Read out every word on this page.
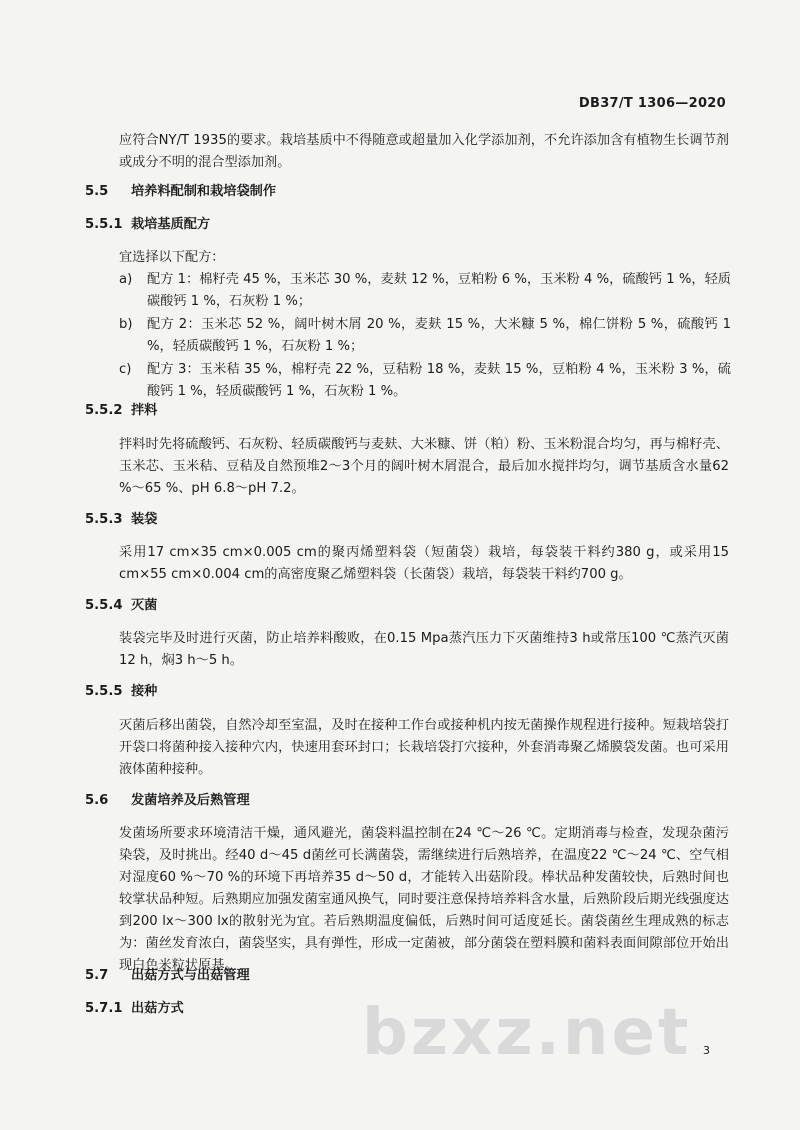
DB37/T 1306—2020

应符合NY/T 1935的要求。栽培基质中不得随意或超量加入化学添加剂，不允许添加含有植物生长调节剂或成分不明的混合型添加剂。

5.5 培养料配制和栽培袋制作
5.5.1 栽培基质配方

宜选择以下配方：

a)	配方 1：棉籽壳 45 %，玉米芯 30 %，麦麸 12 %，豆粕粉 6 %，玉米粉 4 %，硫酸钙 1 %，轻质碳酸钙 1 %，石灰粉 1 %；
b)	配方 2：玉米芯 52 %，阔叶树木屑 20 %，麦麸 15 %，大米糠 5 %，棉仁饼粉 5 %，硫酸钙 1 %，轻质碳酸钙 1 %，石灰粉 1 %；
c)	配方 3：玉米秸 35 %，棉籽壳 22 %，豆秸粉 18 %，麦麸 15 %，豆粕粉 4 %，玉米粉 3 %，硫酸钙 1 %，轻质碳酸钙 1 %，石灰粉 1 %。
5.5.2 拌料

拌料时先将硫酸钙、石灰粉、轻质碳酸钙与麦麸、大米糠、饼（粕）粉、玉米粉混合均匀，再与棉籽壳、玉米芯、玉米秸、豆秸及自然预堆2～3个月的阔叶树木屑混合，最后加水搅拌均匀，调节基质含水量62 %～65 %、pH 6.8～pH 7.2。

5.5.3 装袋

采用17 cm×35 cm×0.005 cm的聚丙烯塑料袋（短菌袋）栽培，每袋装干料约380 g，或采用15 cm×55 cm×0.004 cm的高密度聚乙烯塑料袋（长菌袋）栽培，每袋装干料约700 g。

5.5.4 灭菌

装袋完毕及时进行灭菌，防止培养料酸败，在0.15 Mpa蒸汽压力下灭菌维持3 h或常压100 ℃蒸汽灭菌12 h，焖3 h～5 h。

5.5.5 接种

灭菌后移出菌袋，自然冷却至室温，及时在接种工作台或接种机内按无菌操作规程进行接种。短栽培袋打开袋口将菌种接入接种穴内，快速用套环封口；长栽培袋打穴接种，外套消毒聚乙烯膜袋发菌。也可采用液体菌种接种。

5.6 发菌培养及后熟管理

发菌场所要求环境清洁干燥，通风避光，菌袋料温控制在24 ℃～26 ℃。定期消毒与检查，发现杂菌污染袋，及时挑出。经40 d～45 d菌丝可长满菌袋，需继续进行后熟培养，在温度22 ℃～24 ℃、空气相对湿度60 %～70 %的环境下再培养35 d～50 d，才能转入出菇阶段。棒状品种发菌较快，后熟时间也较掌状品种短。后熟期应加强发菌室通风换气，同时要注意保持培养料含水量，后熟阶段后期光线强度达到200 lx～300 lx的散射光为宜。若后熟期温度偏低，后熟时间可适度延长。菌袋菌丝生理成熟的标志为：菌丝发育浓白，菌袋坚实，具有弹性，形成一定菌被，部分菌袋在塑料膜和菌料表面间隙部位开始出现白色米粒状原基。

5.7 出菇方式与出菇管理
5.7.1 出菇方式	bzxz.net 3
